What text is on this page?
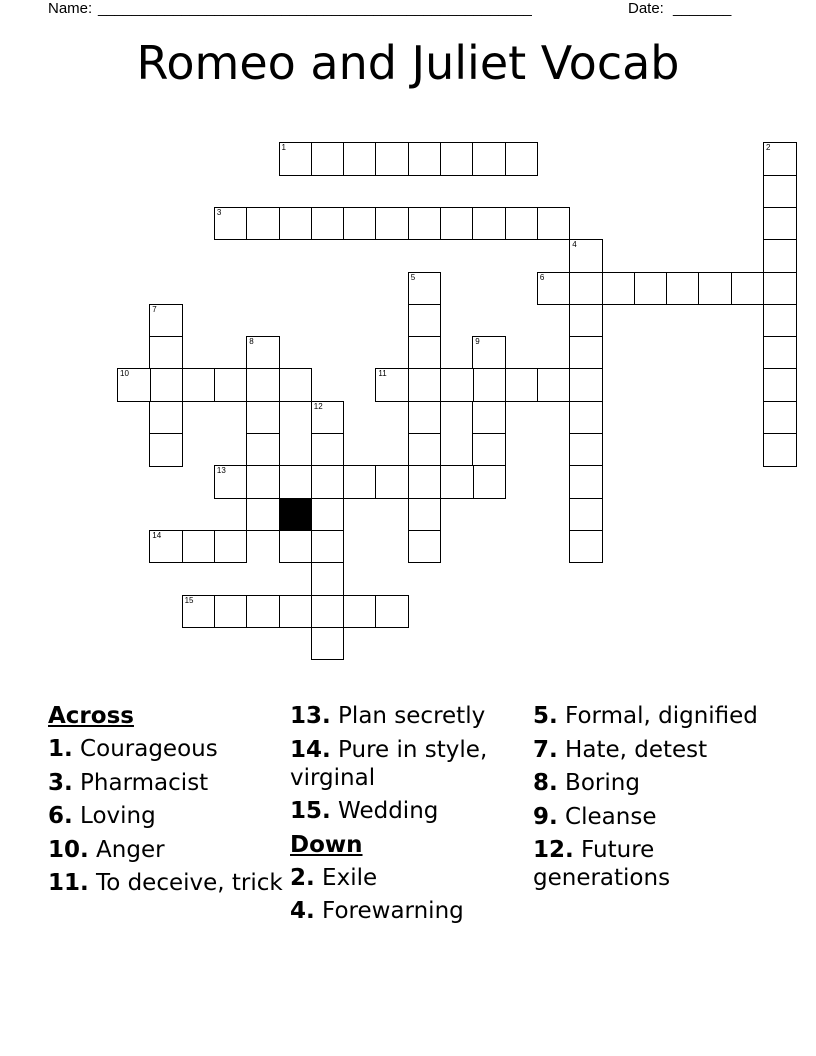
Name: ____________________________________________________	Date: _______
Romeo and Juliet Vocab
1	2
3
4
6
5
7
8	9
10	11
12
13
14
15
Across
1. Courageous
3. Pharmacist
6. Loving
10. Anger
11. To deceive, trick
13. Plan secretly
14. Pure in style, virginal
15. Wedding
Down
2. Exile
4. Forewarning
5. Formal, dignified
7. Hate, detest
8. Boring
9. Cleanse
12. Future generations
